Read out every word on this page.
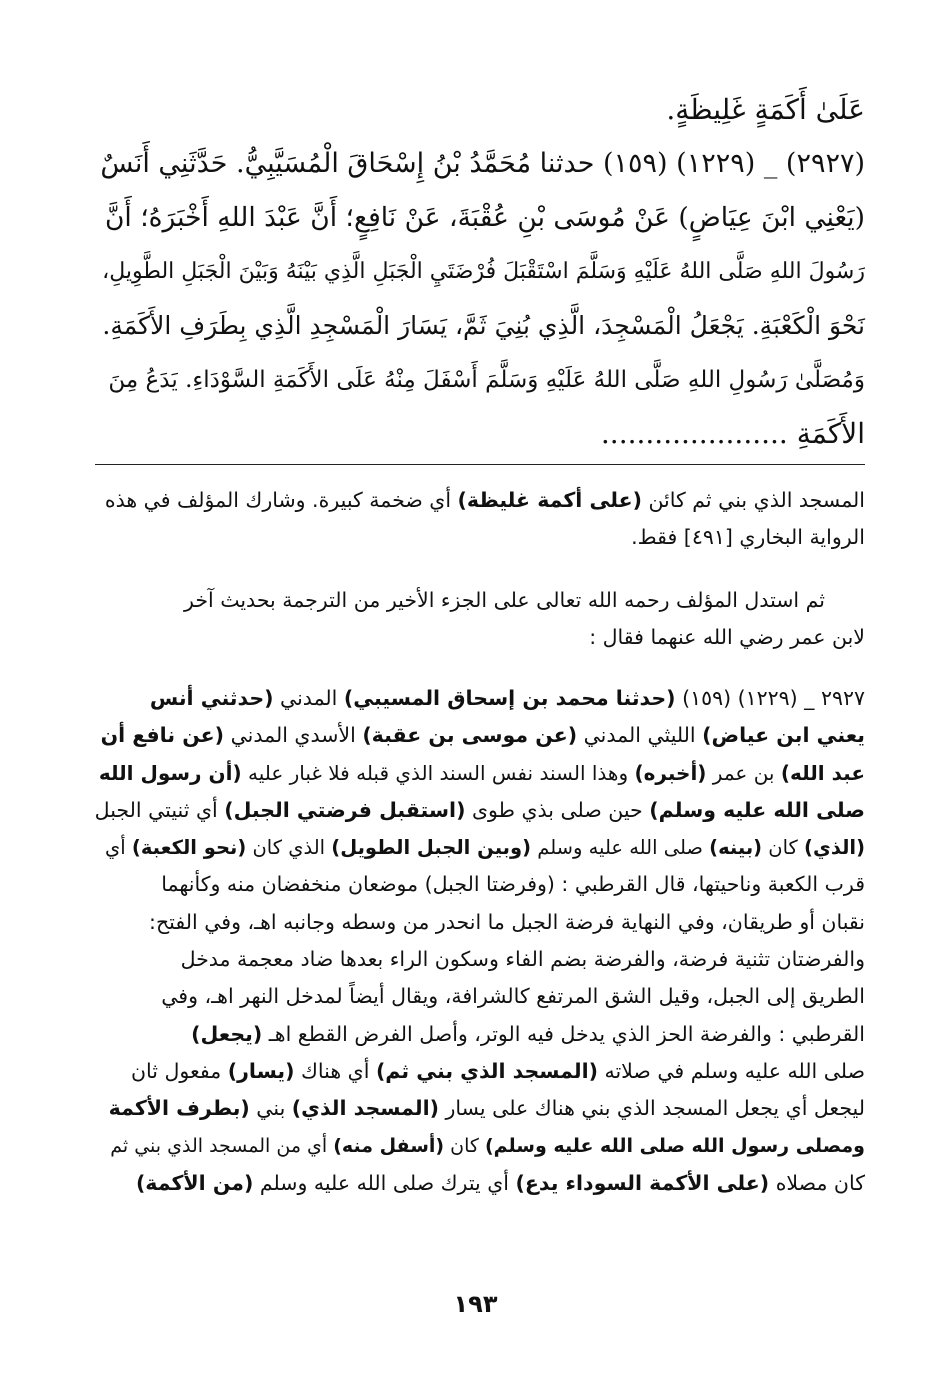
عَلَىٰ أَكَمَةٍ غَلِيظَةٍ.
(٢٩٢٧) _ (١٢٢٩) (١٥٩) حدثنا مُحَمَّدُ بْنُ إِسْحَاقَ الْمُسَيَّبِيُّ. حَدَّثَنِي أَنَسٌ
(يَعْنِي ابْنَ عِيَاضٍ) عَنْ مُوسَى بْنِ عُقْبَةَ، عَنْ نَافِعٍ؛ أَنَّ عَبْدَ اللهِ أَخْبَرَهُ؛ أَنَّ
رَسُولَ اللهِ صَلَّى اللهُ عَلَيْهِ وَسَلَّمَ اسْتَقْبَلَ فُرْضَتَيِ الْجَبَلِ الَّذِي بَيْنَهُ وَبَيْنَ الْجَبَلِ الطَّوِيلِ،
نَحْوَ الْكَعْبَةِ. يَجْعَلُ الْمَسْجِدَ، الَّذِي بُنِيَ ثَمَّ، يَسَارَ الْمَسْجِدِ الَّذِي بِطَرَفِ الأَكَمَةِ.
وَمُصَلَّىٰ رَسُولِ اللهِ صَلَّى اللهُ عَلَيْهِ وَسَلَّمَ أَسْفَلَ مِنْهُ عَلَى الأَكَمَةِ السَّوْدَاءِ. يَدَعُ مِنَ
الأَكَمَةِ .....................
المسجد الذي بني ثم كائن (على أكمة غليظة) أي ضخمة كبيرة. وشارك المؤلف في هذه
الرواية البخاري [٤٩١] فقط.
ثم استدل المؤلف رحمه الله تعالى على الجزء الأخير من الترجمة بحديث آخر
لابن عمر رضي الله عنهما فقال :
٢٩٢٧ _ (١٢٢٩) (١٥٩) (حدثنا محمد بن إسحاق المسيبي) المدني (حدثني أنس
يعني ابن عياض) الليثي المدني (عن موسى بن عقبة) الأسدي المدني (عن نافع أن
عبد الله) بن عمر (أخبره) وهذا السند نفس السند الذي قبله فلا غبار عليه (أن رسول الله
صلى الله عليه وسلم) حين صلى بذي طوى (استقبل فرضتي الجبل) أي ثنيتي الجبل
(الذي) كان (بينه) صلى الله عليه وسلم (وبين الجبل الطويل) الذي كان (نحو الكعبة) أي
قرب الكعبة وناحيتها، قال القرطبي : (وفرضتا الجبل) موضعان منخفضان منه وكأنهما
نقبان أو طريقان، وفي النهاية فرضة الجبل ما انحدر من وسطه وجانبه اهـ، وفي الفتح:
والفرضتان تثنية فرضة، والفرضة بضم الفاء وسكون الراء بعدها ضاد معجمة مدخل
الطريق إلى الجبل، وقيل الشق المرتفع كالشرافة، ويقال أيضاً لمدخل النهر اهـ، وفي
القرطبي : والفرضة الحز الذي يدخل فيه الوتر، وأصل الفرض القطع اهـ (يجعل)
صلى الله عليه وسلم في صلاته (المسجد الذي بني ثم) أي هناك (يسار) مفعول ثان
ليجعل أي يجعل المسجد الذي بني هناك على يسار (المسجد الذي) بني (بطرف الأكمة
ومصلى رسول الله صلى الله عليه وسلم) كان (أسفل منه) أي من المسجد الذي بني ثم
كان مصلاه (على الأكمة السوداء يدع) أي يترك صلى الله عليه وسلم (من الأكمة)
١٩٣
